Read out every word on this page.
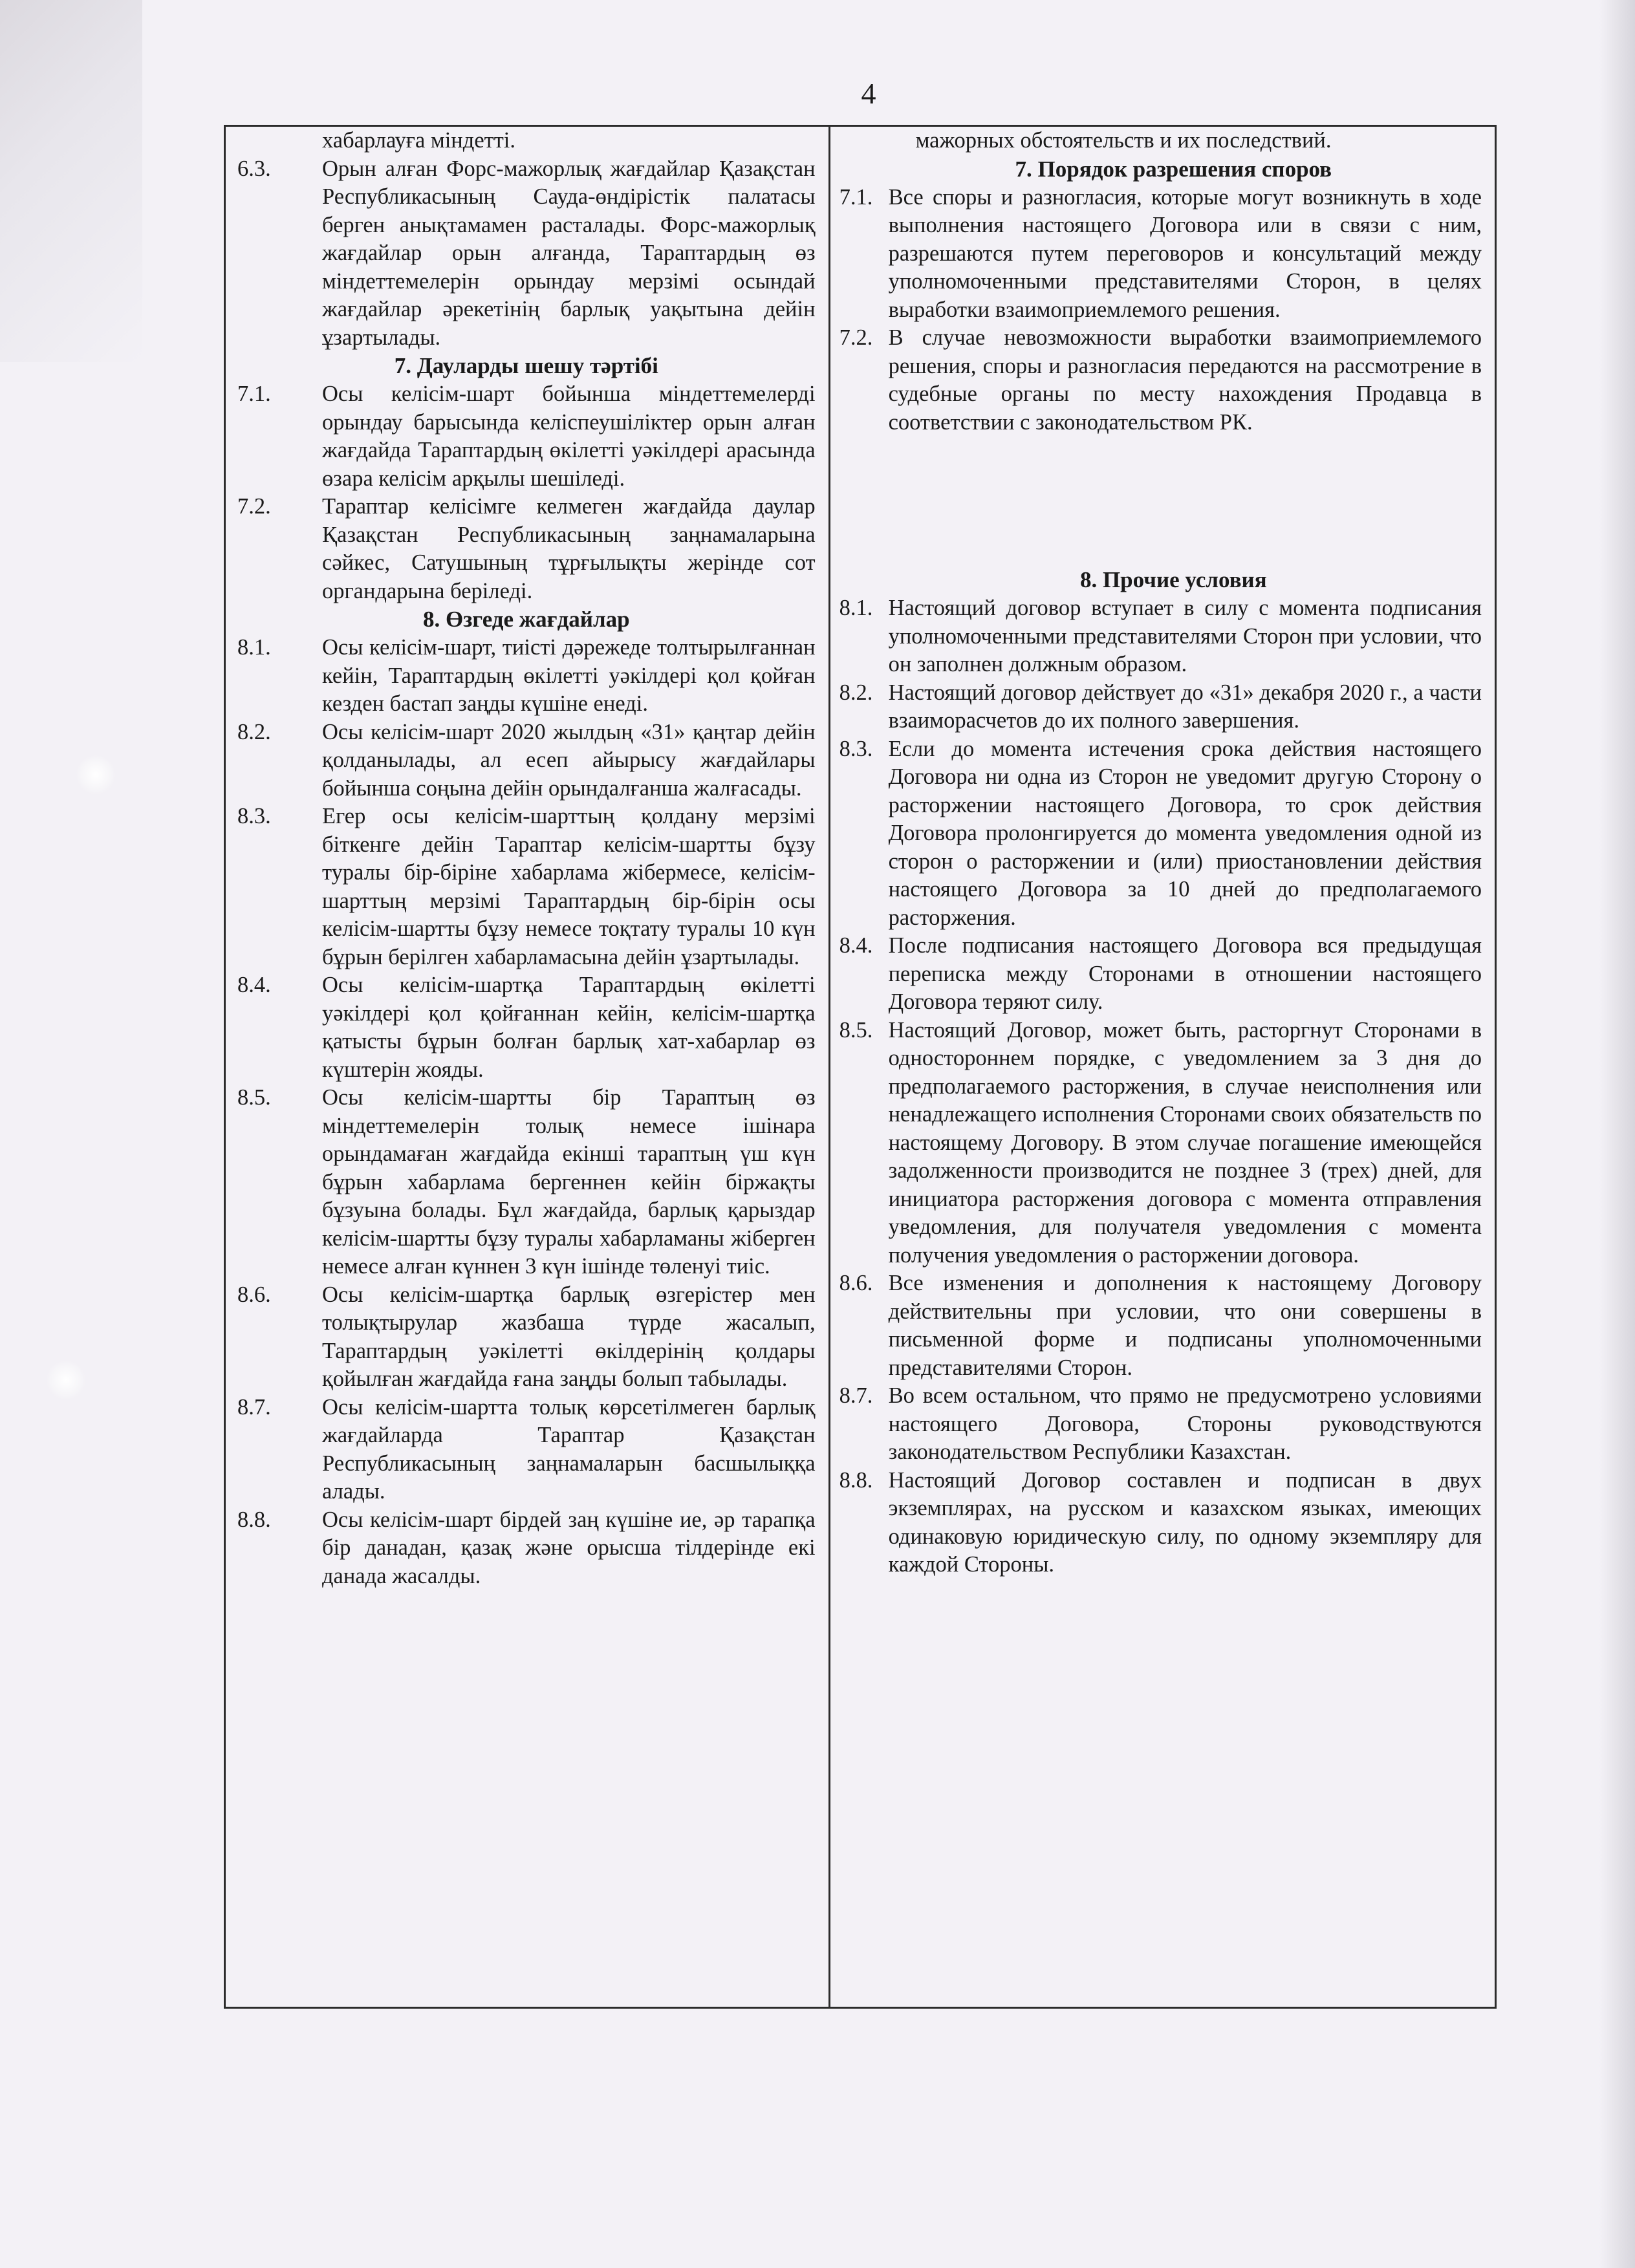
4
хабарлауға міндетті.
6.3.	Орын алған Форс-мажорлық жағдайлар Қазақстан Республикасының Сауда-өндірістік палатасы берген анықтамамен расталады. Форс-мажорлық жағдайлар орын алғанда, Тараптардың өз міндеттемелерін орындау мерзімі осындай жағдайлар әрекетінің барлық уақытына дейін ұзартылады.
7. Дауларды шешу тәртібі
7.1.	Осы келісім-шарт бойынша міндеттемелерді орындау барысында келіспеушіліктер орын алған жағдайда Тараптардың өкілетті уәкілдері арасында өзара келісім арқылы шешіледі.
7.2.	Тараптар келісімге келмеген жағдайда даулар Қазақстан Республикасының заңнамаларына сәйкес, Сатушының тұрғылықты жерінде сот органдарына беріледі.
8. Өзгеде жағдайлар
8.1.	Осы келісім-шарт, тиісті дәрежеде толтырылғаннан кейін, Тараптардың өкілетті уәкілдері қол қойған кезден бастап заңды күшіне енеді.
8.2.	Осы келісім-шарт 2020 жылдың «31» қаңтар дейін қолданылады, ал есеп айырысу жағдайлары бойынша соңына дейін орындалғанша жалғасады.
8.3.	Егер осы келісім-шарттың қолдану мерзімі біткенге дейін Тараптар келісім-шартты бұзу туралы бір-біріне хабарлама жібермесе, келісім-шарттың мерзімі Тараптардың бір-бірін осы келісім-шартты бұзу немесе тоқтату туралы 10 күн бұрын берілген хабарламасына дейін ұзартылады.
8.4.	Осы келісім-шартқа Тараптардың өкілетті уәкілдері қол қойғаннан кейін, келісім-шартқа қатысты бұрын болған барлық хат-хабарлар өз күштерін жояды.
8.5.	Осы келісім-шартты бір Тараптың өз міндеттемелерін толық немесе ішінара орындамаған жағдайда екінші тараптың үш күн бұрын хабарлама бергеннен кейін біржақты бұзуына болады. Бұл жағдайда, барлық қарыздар келісім-шартты бұзу туралы хабарламаны жіберген немесе алған күннен 3 күн ішінде төленуі тиіс.
8.6.	Осы келісім-шартқа барлық өзгерістер мен толықтырулар жазбаша түрде жасалып, Тараптардың уәкілетті өкілдерінің қолдары қойылған жағдайда ғана заңды болып табылады.
8.7.	Осы келісім-шартта толық көрсетілмеген барлық жағдайларда Тараптар Қазақстан Республикасының заңнамаларын басшылыққа алады.
8.8.	Осы келісім-шарт бірдей заң күшіне ие, әр тарапқа бір данадан, қазақ және орысша тілдерінде екі данада жасалды.
мажорных обстоятельств и их последствий.
7. Порядок разрешения споров
7.1. Все споры и разногласия, которые могут возникнуть в ходе выполнения настоящего Договора или в связи с ним, разрешаются путем переговоров и консультаций между уполномоченными представителями Сторон, в целях выработки взаимоприемлемого решения.
7.2. В случае невозможности выработки взаимоприемлемого решения, споры и разногласия передаются на рассмотрение в судебные органы по месту нахождения Продавца в соответствии с законодательством РК.
8. Прочие условия
8.1. Настоящий договор вступает в силу с момента подписания уполномоченными представителями Сторон при условии, что он заполнен должным образом.
8.2. Настоящий договор действует до «31» декабря 2020 г., а части взаиморасчетов до их полного завершения.
8.3. Если до момента истечения срока действия настоящего Договора ни одна из Сторон не уведомит другую Сторону о расторжении настоящего Договора, то срок действия Договора пролонгируется до момента уведомления одной из сторон о расторжении и (или) приостановлении действия настоящего Договора за 10 дней до предполагаемого расторжения.
8.4. После подписания настоящего Договора вся предыдущая переписка между Сторонами в отношении настоящего Договора теряют силу.
8.5. Настоящий Договор, может быть, расторгнут Сторонами в одностороннем порядке, с уведомлением за 3 дня до предполагаемого расторжения, в случае неисполнения или ненадлежащего исполнения Сторонами своих обязательств по настоящему Договору. В этом случае погашение имеющейся задолженности производится не позднее 3 (трех) дней, для инициатора расторжения договора с момента отправления уведомления, для получателя уведомления с момента получения уведомления о расторжении договора.
8.6. Все изменения и дополнения к настоящему Договору действительны при условии, что они совершены в письменной форме и подписаны уполномоченными представителями Сторон.
8.7. Во всем остальном, что прямо не предусмотрено условиями настоящего Договора, Стороны руководствуются законодательством Республики Казахстан.
8.8. Настоящий Договор составлен и подписан в двух экземплярах, на русском и казахском языках, имеющих одинаковую юридическую силу, по одному экземпляру для каждой Стороны.
